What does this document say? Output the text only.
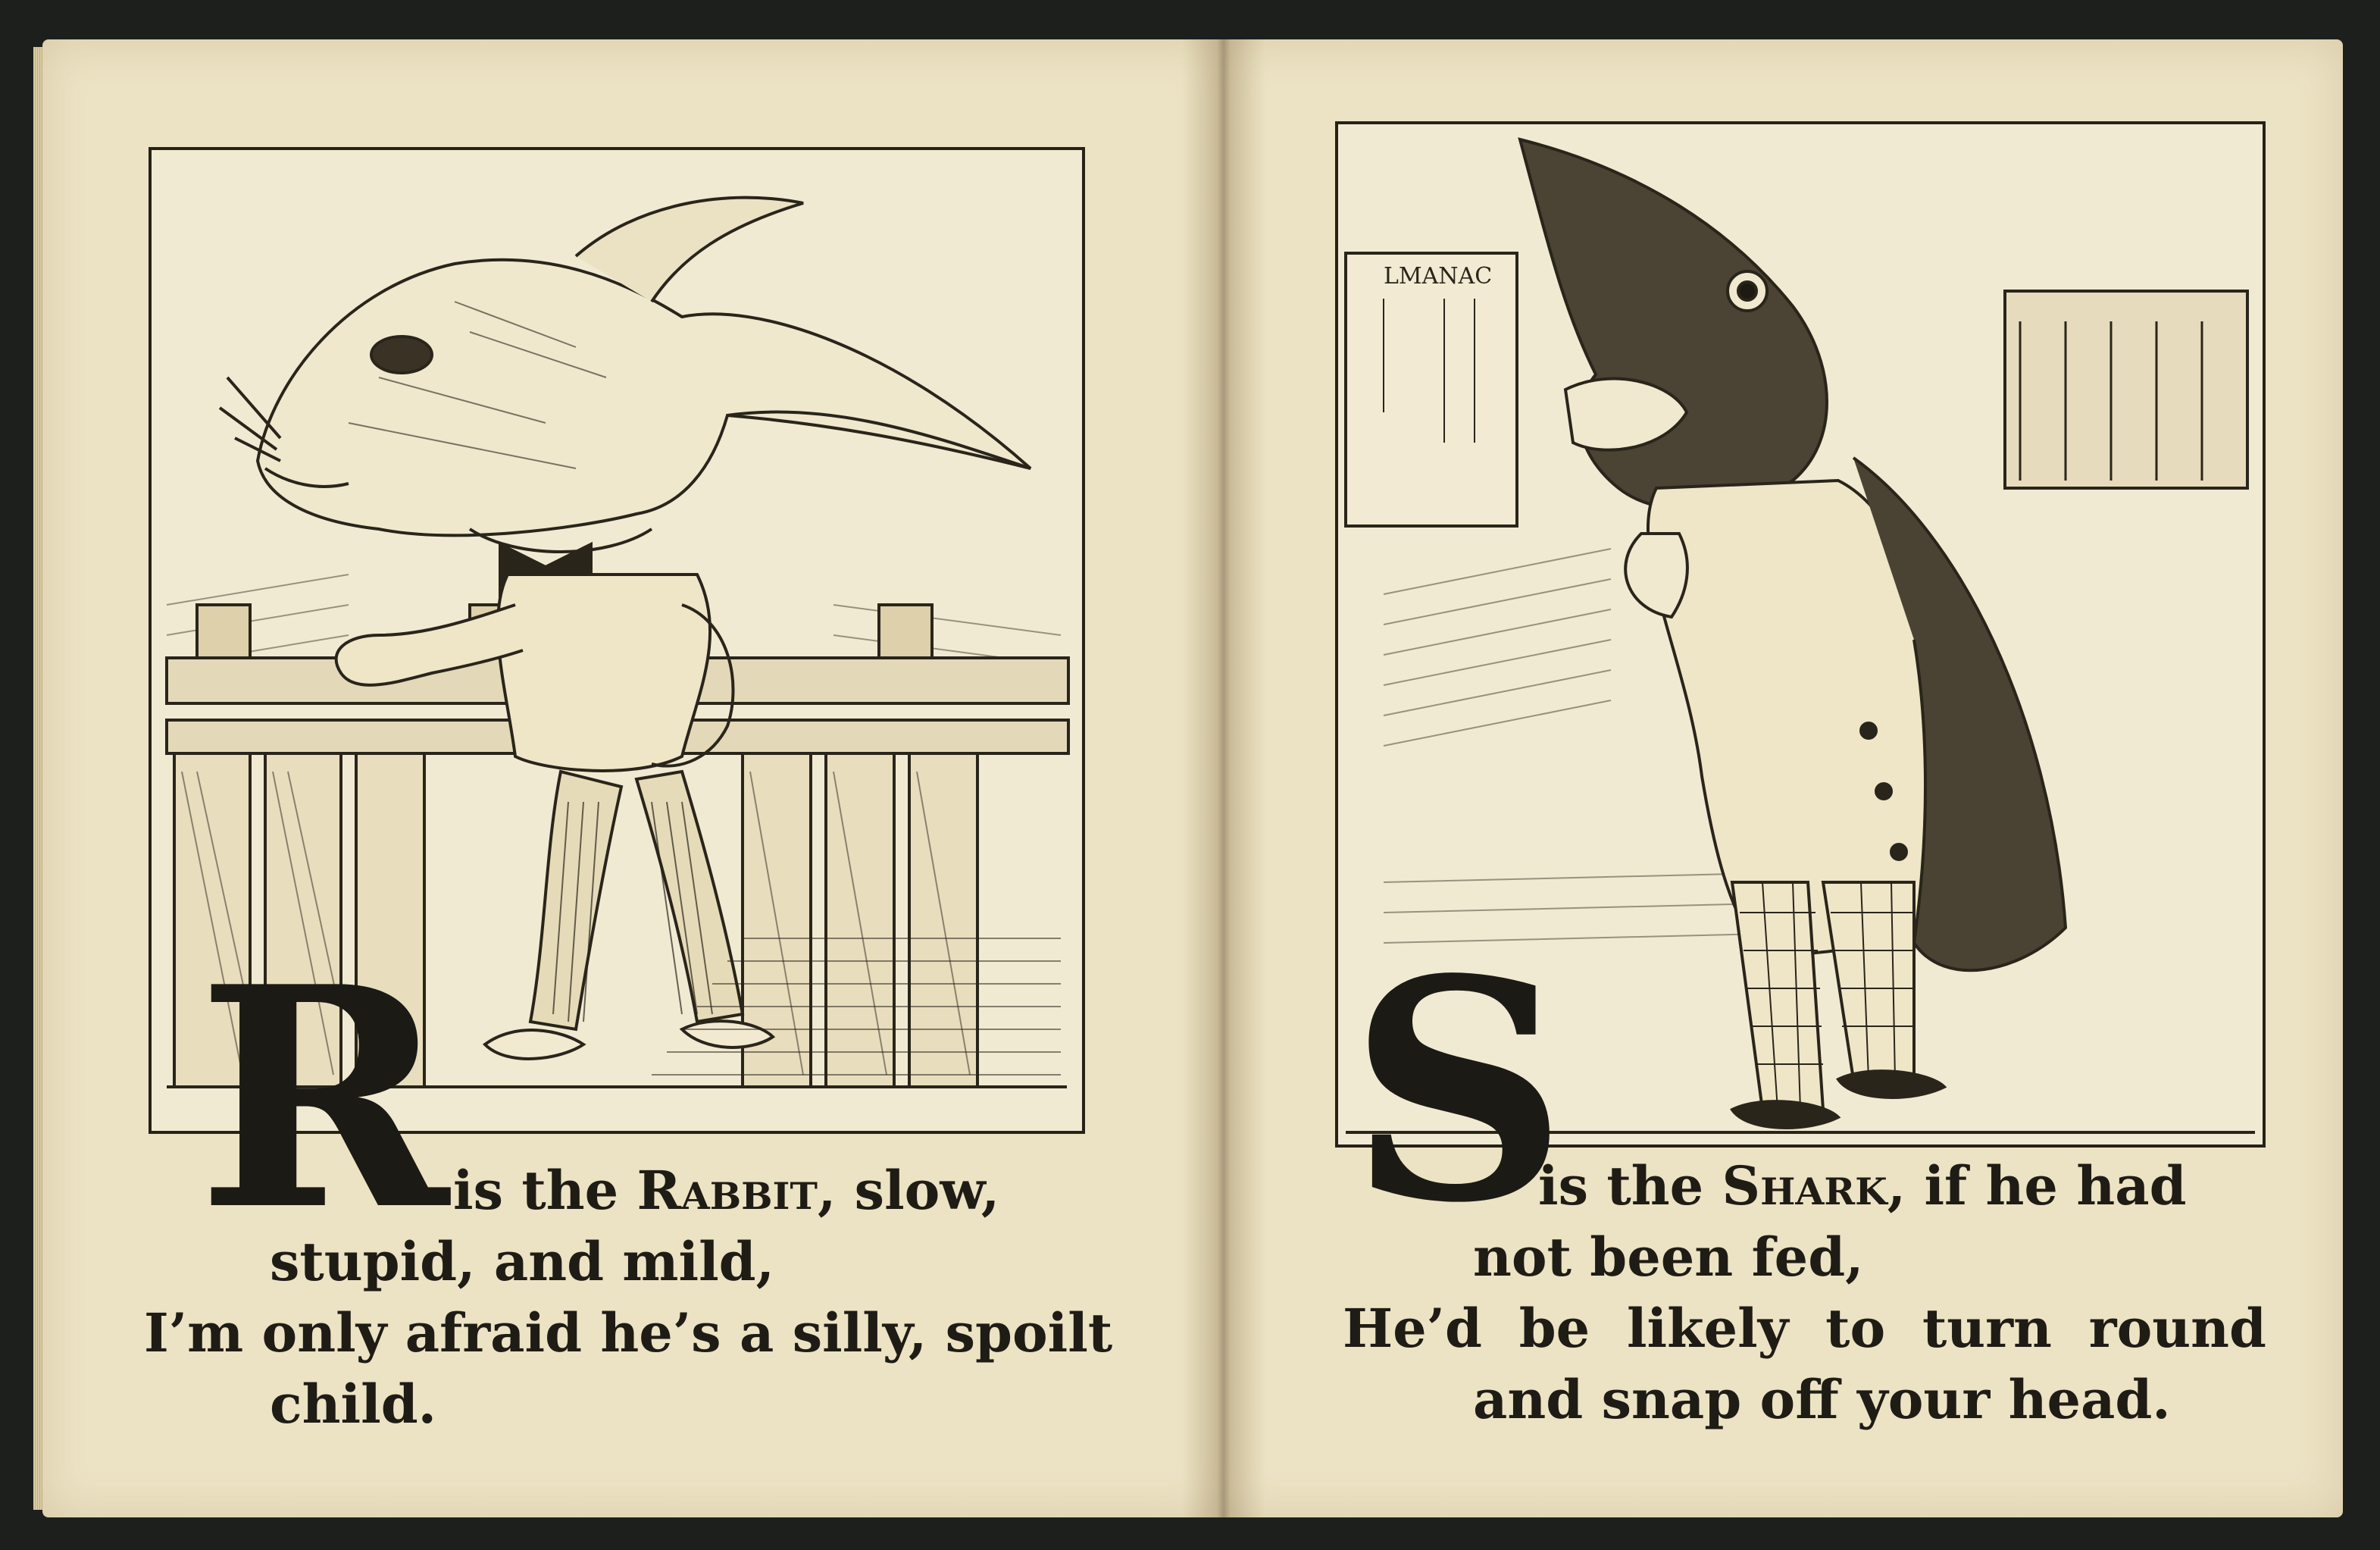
LMANAC
R	S
is the Rabbit, slow,
stupid, and mild,
I’m only afraid he’s a silly, spoilt
child.
is the Shark, if he had
not been fed,
He’d  be  likely  to  turn  round
and snap off your head.
